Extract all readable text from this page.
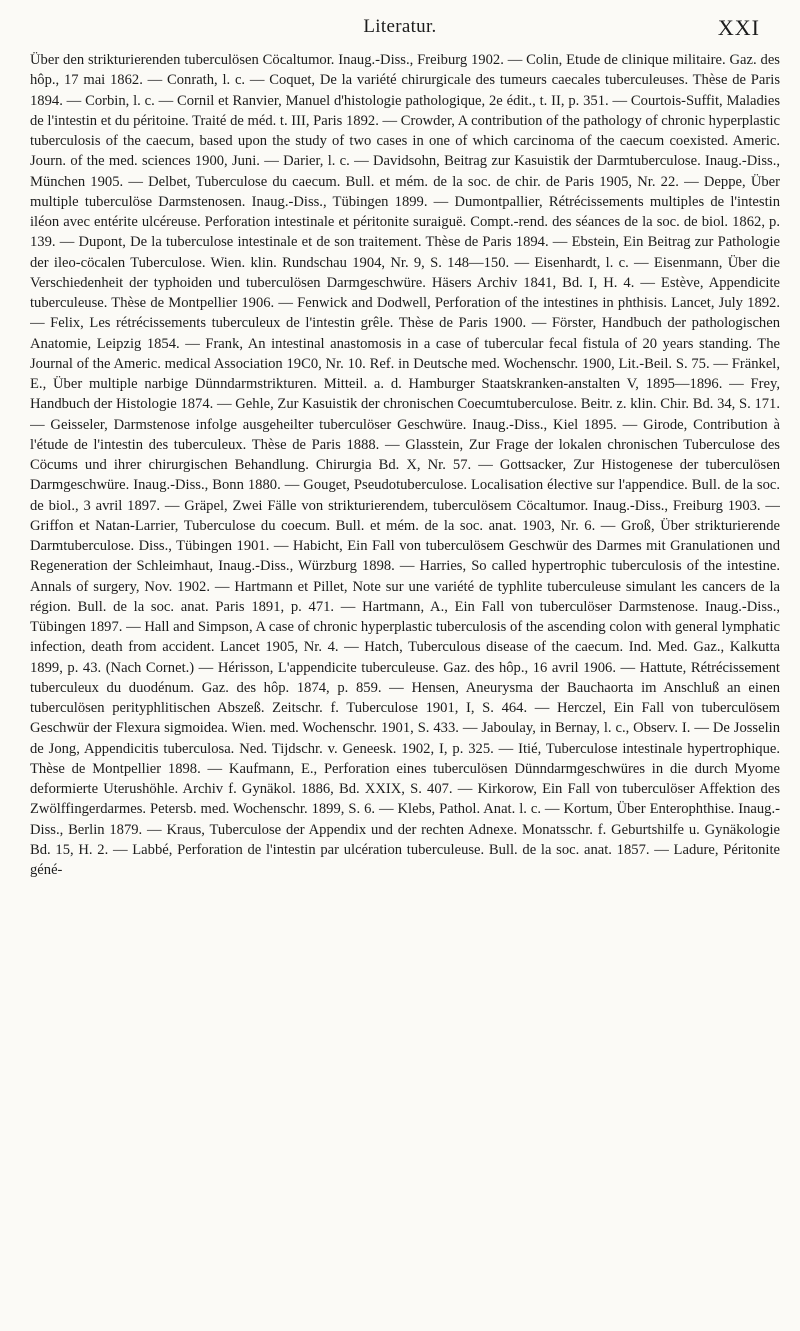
Literatur.	XXI

Über den strikturierenden tuberculösen Cöcaltumor. Inaug.-Diss., Freiburg 1902. — Colin, Etude de clinique militaire. Gaz. des hôp., 17 mai 1862. — Conrath, l. c. — Coquet, De la variété chirurgicale des tumeurs caecales tuberculeuses. Thèse de Paris 1894. — Corbin, l. c. — Cornil et Ranvier, Manuel d'histologie pathologique, 2e édit., t. II, p. 351. — Courtois-Suffit, Maladies de l'intestin et du péritoine. Traité de méd. t. III, Paris 1892. — Crowder, A contribution of the pathology of chronic hyperplastic tuberculosis of the caecum, based upon the study of two cases in one of which carcinoma of the caecum coexisted. Americ. Journ. of the med. sciences 1900, Juni. — Darier, l. c. — Davidsohn, Beitrag zur Kasuistik der Darmtuberculose. Inaug.-Diss., München 1905. — Delbet, Tuberculose du caecum. Bull. et mém. de la soc. de chir. de Paris 1905, Nr. 22. — Deppe, Über multiple tuberculöse Darmstenosen. Inaug.-Diss., Tübingen 1899. — Dumontpallier, Rétrécissements multiples de l'intestin iléon avec entérite ulcéreuse. Perforation intestinale et péritonite suraiguë. Compt.-rend. des séances de la soc. de biol. 1862, p. 139. — Dupont, De la tuberculose intestinale et de son traitement. Thèse de Paris 1894. — Ebstein, Ein Beitrag zur Pathologie der ileo-cöcalen Tuberculose. Wien. klin. Rundschau 1904, Nr. 9, S. 148—150. — Eisenhardt, l. c. — Eisenmann, Über die Verschiedenheit der typhoiden und tuberculösen Darmgeschwüre. Häsers Archiv 1841, Bd. I, H. 4. — Estève, Appendicite tuberculeuse. Thèse de Montpellier 1906. — Fenwick and Dodwell, Perforation of the intestines in phthisis. Lancet, July 1892. — Felix, Les rétrécissements tuberculeux de l'intestin grêle. Thèse de Paris 1900. — Förster, Handbuch der pathologischen Anatomie, Leipzig 1854. — Frank, An intestinal anastomosis in a case of tubercular fecal fistula of 20 years standing. The Journal of the Americ. medical Association 19C0, Nr. 10. Ref. in Deutsche med. Wochenschr. 1900, Lit.-Beil. S. 75. — Fränkel, E., Über multiple narbige Dünndarmstrikturen. Mitteil. a. d. Hamburger Staatskranken-anstalten V, 1895—1896. — Frey, Handbuch der Histologie 1874. — Gehle, Zur Kasuistik der chronischen Coecumtuberculose. Beitr. z. klin. Chir. Bd. 34, S. 171. — Geisseler, Darmstenose infolge ausgeheilter tuberculöser Geschwüre. Inaug.-Diss., Kiel 1895. — Girode, Contribution à l'étude de l'intestin des tuberculeux. Thèse de Paris 1888. — Glasstein, Zur Frage der lokalen chronischen Tuberculose des Cöcums und ihrer chirurgischen Behandlung. Chirurgia Bd. X, Nr. 57. — Gottsacker, Zur Histogenese der tuberculösen Darmgeschwüre. Inaug.-Diss., Bonn 1880. — Gouget, Pseudotuberculose. Localisation élective sur l'appendice. Bull. de la soc. de biol., 3 avril 1897. — Gräpel, Zwei Fälle von strikturierendem, tuberculösem Cöcaltumor. Inaug.-Diss., Freiburg 1903. — Griffon et Natan-Larrier, Tuberculose du coecum. Bull. et mém. de la soc. anat. 1903, Nr. 6. — Groß, Über strikturierende Darmtuberculose. Diss., Tübingen 1901. — Habicht, Ein Fall von tuberculösem Geschwür des Darmes mit Granulationen und Regeneration der Schleimhaut, Inaug.-Diss., Würzburg 1898. — Harries, So called hypertrophic tuberculosis of the intestine. Annals of surgery, Nov. 1902. — Hartmann et Pillet, Note sur une variété de typhlite tuberculeuse simulant les cancers de la région. Bull. de la soc. anat. Paris 1891, p. 471. — Hartmann, A., Ein Fall von tuberculöser Darmstenose. Inaug.-Diss., Tübingen 1897. — Hall and Simpson, A case of chronic hyperplastic tuberculosis of the ascending colon with general lymphatic infection, death from accident. Lancet 1905, Nr. 4. — Hatch, Tuberculous disease of the caecum. Ind. Med. Gaz., Kalkutta 1899, p. 43. (Nach Cornet.) — Hérisson, L'appendicite tuberculeuse. Gaz. des hôp., 16 avril 1906. — Hattute, Rétrécissement tuberculeux du duodénum. Gaz. des hôp. 1874, p. 859. — Hensen, Aneurysma der Bauchaorta im Anschluß an einen tuberculösen perityphlitischen Abszeß. Zeitschr. f. Tuberculose 1901, I, S. 464. — Herczel, Ein Fall von tuberculösem Geschwür der Flexura sigmoidea. Wien. med. Wochenschr. 1901, S. 433. — Jaboulay, in Bernay, l. c., Observ. I. — De Josselin de Jong, Appendicitis tuberculosa. Ned. Tijdschr. v. Geneesk. 1902, I, p. 325. — Itié, Tuberculose intestinale hypertrophique. Thèse de Montpellier 1898. — Kaufmann, E., Perforation eines tuberculösen Dünndarmgeschwüres in die durch Myome deformierte Uterushöhle. Archiv f. Gynäkol. 1886, Bd. XXIX, S. 407. — Kirkorow, Ein Fall von tuberculöser Affektion des Zwölffingerdarmes. Petersb. med. Wochenschr. 1899, S. 6. — Klebs, Pathol. Anat. l. c. — Kortum, Über Enterophthise. Inaug.-Diss., Berlin 1879. — Kraus, Tuberculose der Appendix und der rechten Adnexe. Monatsschr. f. Geburtshilfe u. Gynäkologie Bd. 15, H. 2. — Labbé, Perforation de l'intestin par ulcération tuberculeuse. Bull. de la soc. anat. 1857. — Ladure, Péritonite géné-
